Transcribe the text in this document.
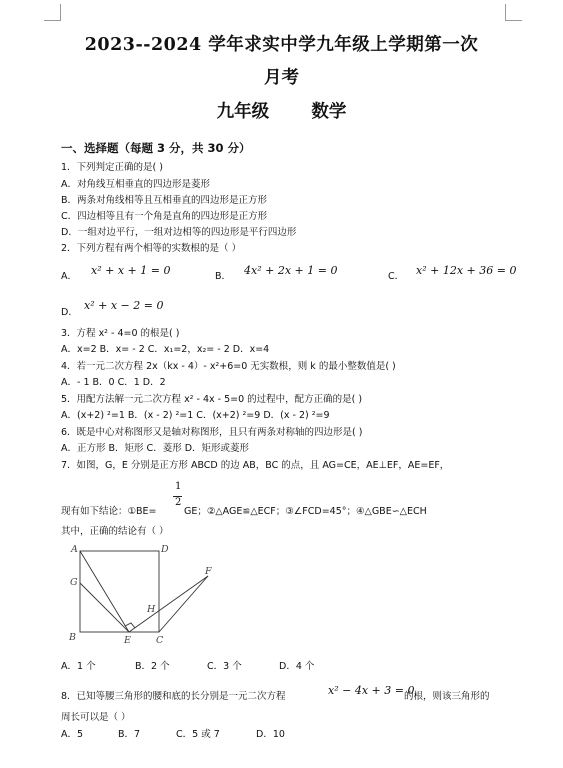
2023--2024 学年求实中学九年级上学期第一次
月考
九年级 数学
一、选择题（每题 3 分，共 30 分）
1．下列判定正确的是( )
A．对角线互相垂直的四边形是菱形
B．两条对角线相等且互相垂直的四边形是正方形
C．四边相等且有一个角是直角的四边形是正方形
D．一组对边平行，一组对边相等的四边形是平行四边形
2．下列方程有两个相等的实数根的是（ ）
A． x² + x + 1 = 0	B． 4x² + 2x + 1 = 0	C． x² + 12x + 36 = 0
D．
x² + x − 2 = 0
3．方程 x² - 4=0 的根是( )
A．x=2 B．x= - 2 C．x₁=2，x₂= - 2 D．x=4
4．若一元二次方程 2x（kx - 4）- x²+6=0 无实数根，则 k 的最小整数值是( )
A．- 1 B．0 C．1 D．2
5．用配方法解一元二次方程 x² - 4x - 5=0 的过程中，配方正确的是( )
A．(x+2) ²=1 B．(x - 2) ²=1 C．(x+2) ²=9 D．(x - 2) ²=9
6．既是中心对称图形又是轴对称图形，且只有两条对称轴的四边形是( )
A．正方形 B．矩形 C．菱形 D．矩形或菱形
7．如图，G，E 分别是正方形 ABCD 的边 AB，BC 的点，且 AG=CE，AE⊥EF，AE=EF，
1
2
现有如下结论：①BE=	GE；②△AGE≌△ECF；③∠FCD=45°；④△GBE∽△ECH
其中，正确的结论有（ ）
A	D
G
F
H
B	E	C
A．1 个	B．2 个	C．3 个	D．4 个
8．已知等腰三角形的腰和底的长分别是一元二次方程	x² − 4x + 3 = 0
的根，则该三角形的
周长可以是（ ）
A．5	B．7	C．5 或 7	D．10
